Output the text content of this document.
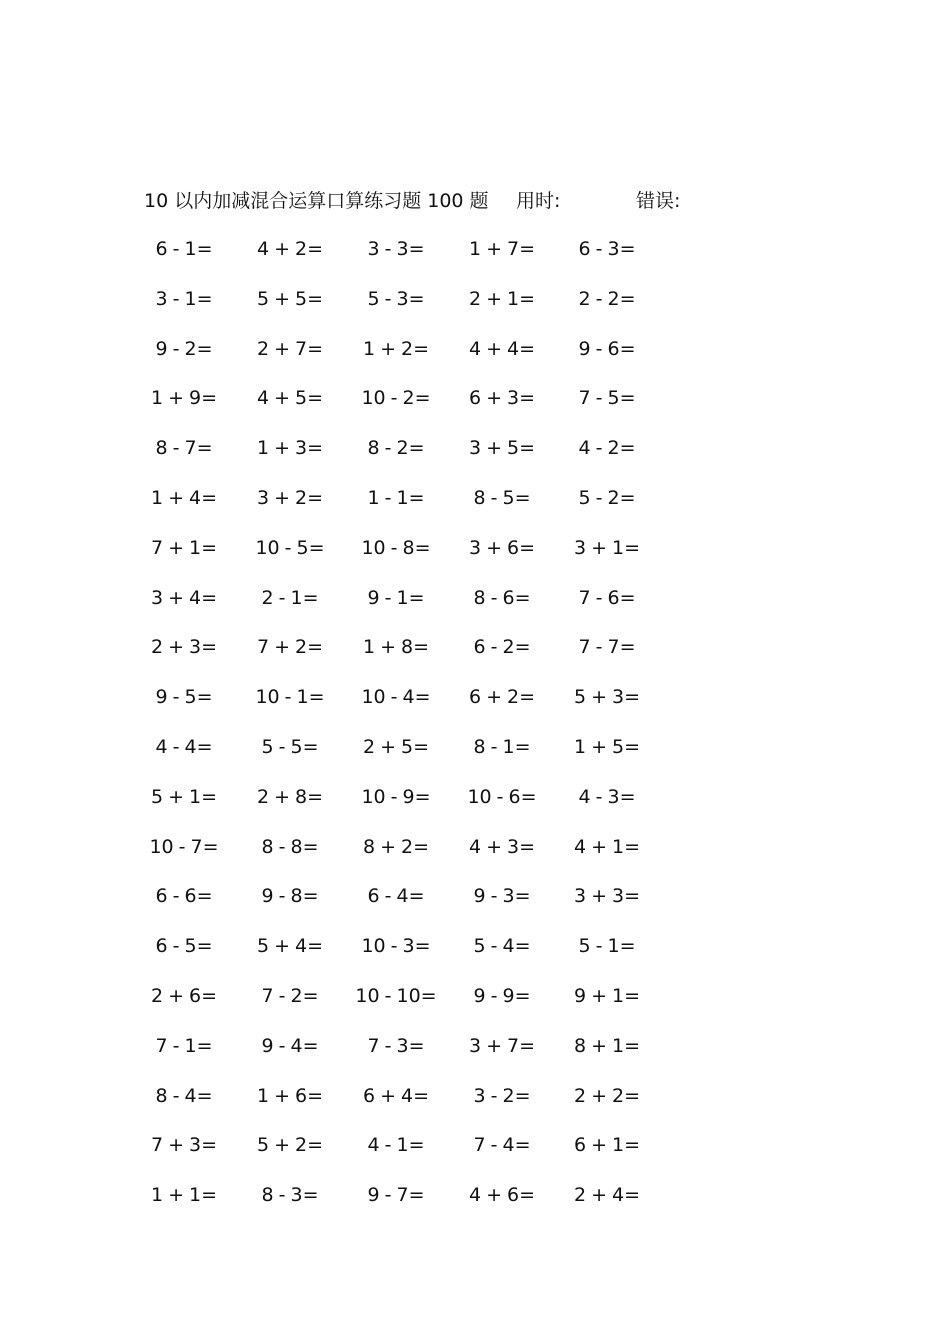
10 以内加减混合运算口算练习题 100 题 用时:	错误:
6 - 1= 4 + 2= 3 - 3= 1 + 7= 6 - 3=
3 - 1= 5 + 5= 5 - 3= 2 + 1= 2 - 2=
9 - 2= 2 + 7= 1 + 2= 4 + 4= 9 - 6=
1 + 9= 4 + 5= 10 - 2= 6 + 3= 7 - 5=
8 - 7= 1 + 3= 8 - 2= 3 + 5= 4 - 2=
1 + 4= 3 + 2= 1 - 1=	8 - 5=	5 - 2=
7 + 1= 10 - 5= 10 - 8= 3 + 6= 3 + 1=
3 + 4= 2 - 1=	9 - 1=	8 - 6=	7 - 6=
2 + 3= 7 + 2= 1 + 8= 6 - 2=	7 - 7=
9 - 5= 10 - 1= 10 - 4= 6 + 2= 5 + 3=
4 - 4=	5 - 5= 2 + 5= 8 - 1= 1 + 5=
5 + 1= 2 + 8= 10 - 9= 10 - 6= 4 - 3=
10 - 7= 8 - 8= 8 + 2= 4 + 3= 4 + 1=
6 - 6=	9 - 8=	6 - 4=	9 - 3= 3 + 3=
6 - 5= 5 + 4= 10 - 3= 5 - 4=	5 - 1=
2 + 6= 7 - 2= 10 - 10= 9 - 9= 9 + 1=
7 - 1=	9 - 4=	7 - 3= 3 + 7= 8 + 1=
8 - 4= 1 + 6= 6 + 4= 3 - 2= 2 + 2=
7 + 3= 5 + 2= 4 - 1=	7 - 4= 6 + 1=
1 + 1= 8 - 3=	9 - 7= 4 + 6= 2 + 4=
